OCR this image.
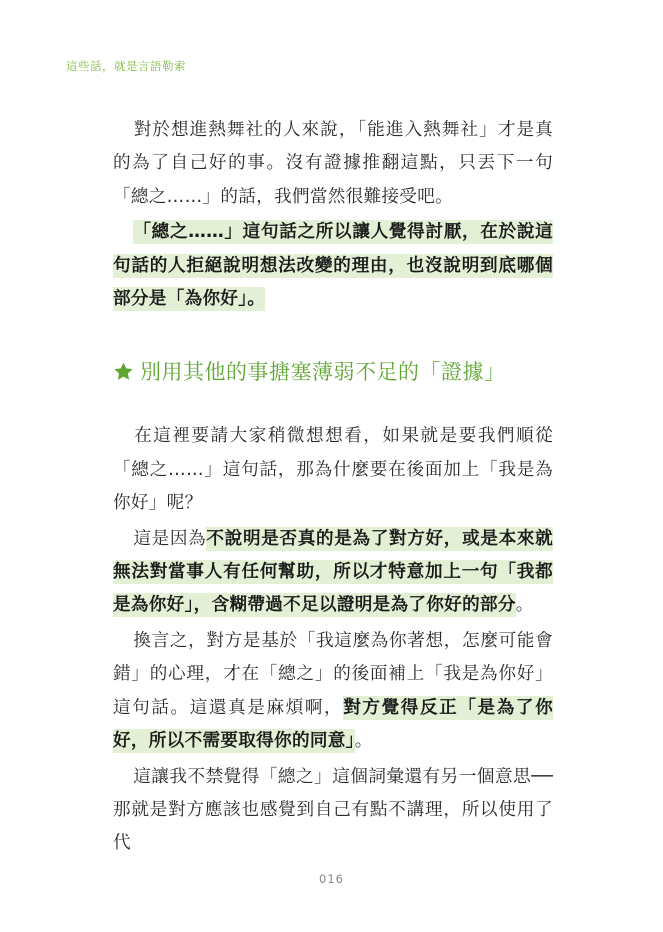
這些話，就是言語勒索

對於想進熱舞社的人來說，「能進入熱舞社」才是真的為了自己好的事。沒有證據推翻這點，只丟下一句「總之……」的話，我們當然很難接受吧。

「總之……」這句話之所以讓人覺得討厭，在於說這句話的人拒絕說明想法改變的理由，也沒說明到底哪個部分是「為你好」。

別用其他的事搪塞薄弱不足的「證據」

在這裡要請大家稍微想想看，如果就是要我們順從「總之……」這句話，那為什麼要在後面加上「我是為你好」呢？

這是因為不說明是否真的是為了對方好，或是本來就無法對當事人有任何幫助，所以才特意加上一句「我都是為你好」，含糊帶過不足以證明是為了你好的部分。

換言之，對方是基於「我這麼為你著想，怎麼可能會錯」的心理，才在「總之」的後面補上「我是為你好」這句話。這還真是麻煩啊，對方覺得反正「是為了你好，所以不需要取得你的同意」。

這讓我不禁覺得「總之」這個詞彙還有另一個意思──那就是對方應該也感覺到自己有點不講理，所以使用了代

016
